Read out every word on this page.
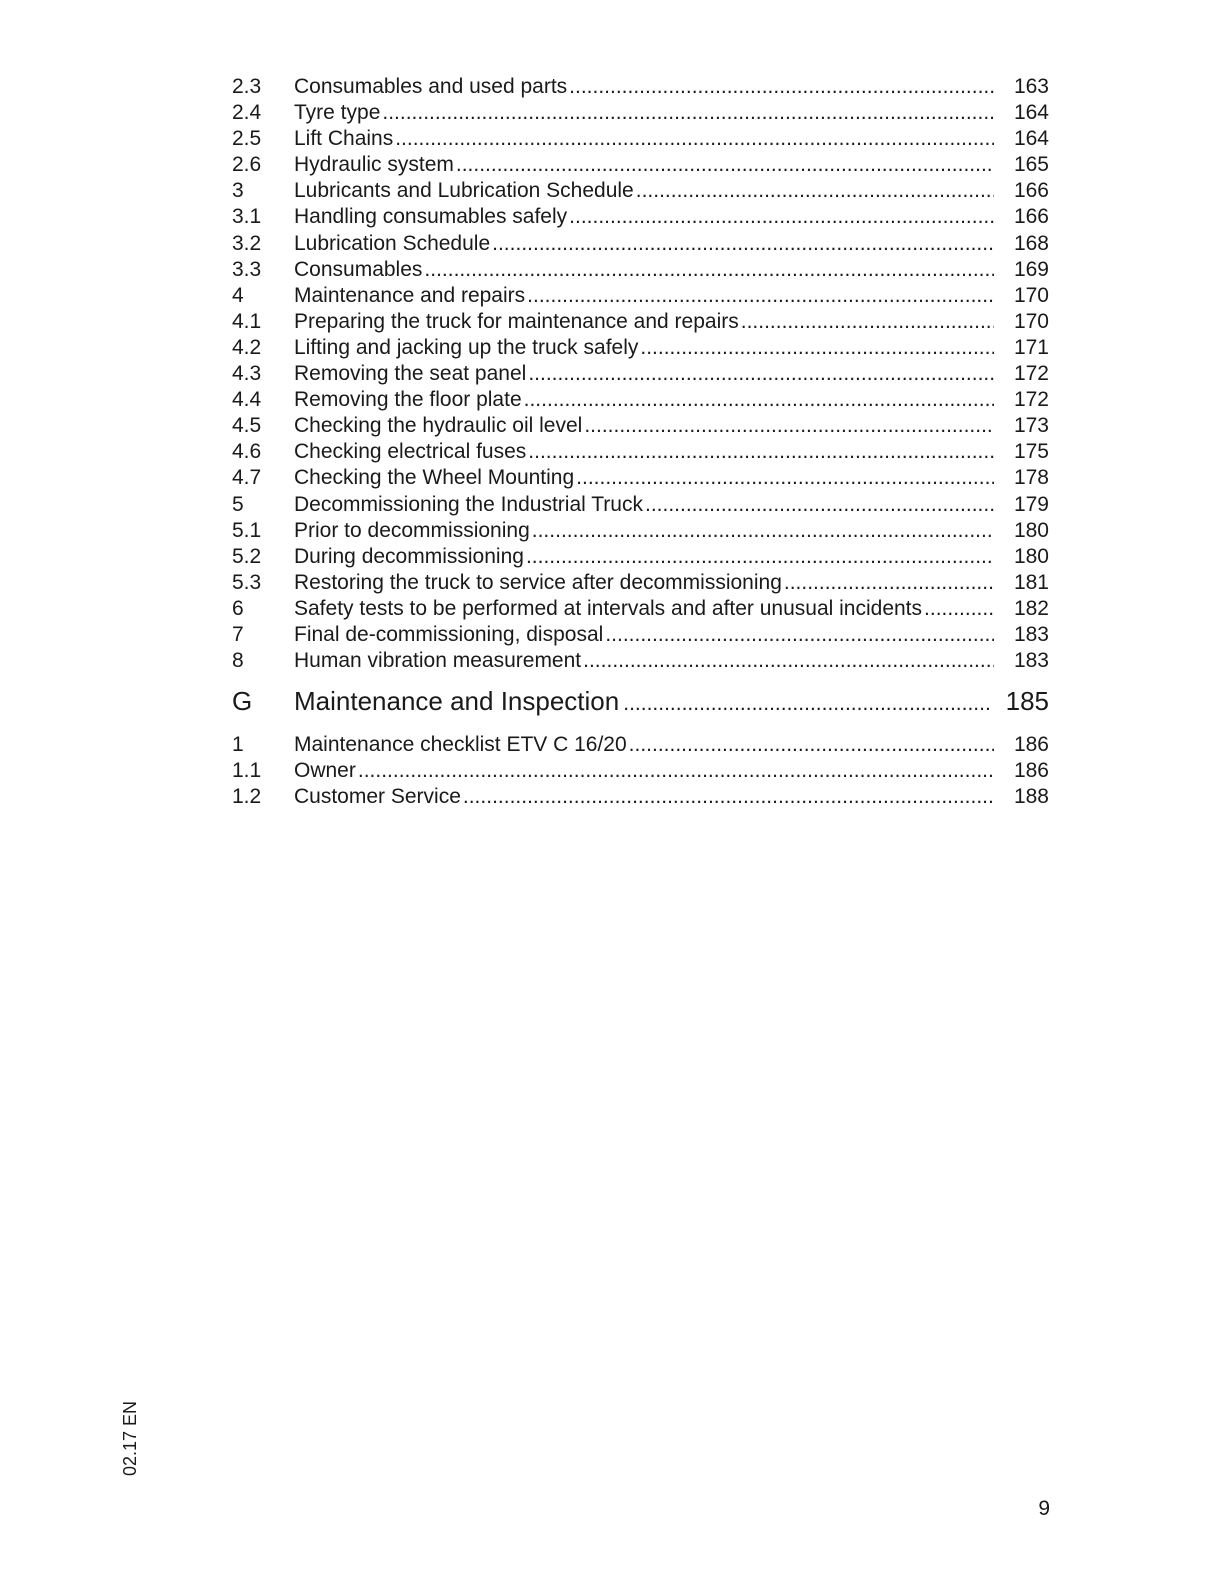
2.3	Consumables and used parts .....	163
2.4	Tyre type .....	164
2.5	Lift Chains .....	164
2.6	Hydraulic system .....	165
3	Lubricants and Lubrication Schedule .....	166
3.1	Handling consumables safely .....	166
3.2	Lubrication Schedule .....	168
3.3	Consumables .....	169
4	Maintenance and repairs .....	170
4.1	Preparing the truck for maintenance and repairs .....	170
4.2	Lifting and jacking up the truck safely .....	171
4.3	Removing the seat panel .....	172
4.4	Removing the floor plate .....	172
4.5	Checking the hydraulic oil level .....	173
4.6	Checking electrical fuses .....	175
4.7	Checking the Wheel Mounting .....	178
5	Decommissioning the Industrial Truck .....	179
5.1	Prior to decommissioning .....	180
5.2	During decommissioning .....	180
5.3	Restoring the truck to service after decommissioning .....	181
6	Safety tests to be performed at intervals and after unusual incidents .....	182
7	Final de-commissioning, disposal .....	183
8	Human vibration measurement .....	183
G	Maintenance and Inspection .....	185
1	Maintenance checklist ETV C 16/20 .....	186
1.1	Owner .....	186
1.2	Customer Service .....	188
02.17 EN
9
